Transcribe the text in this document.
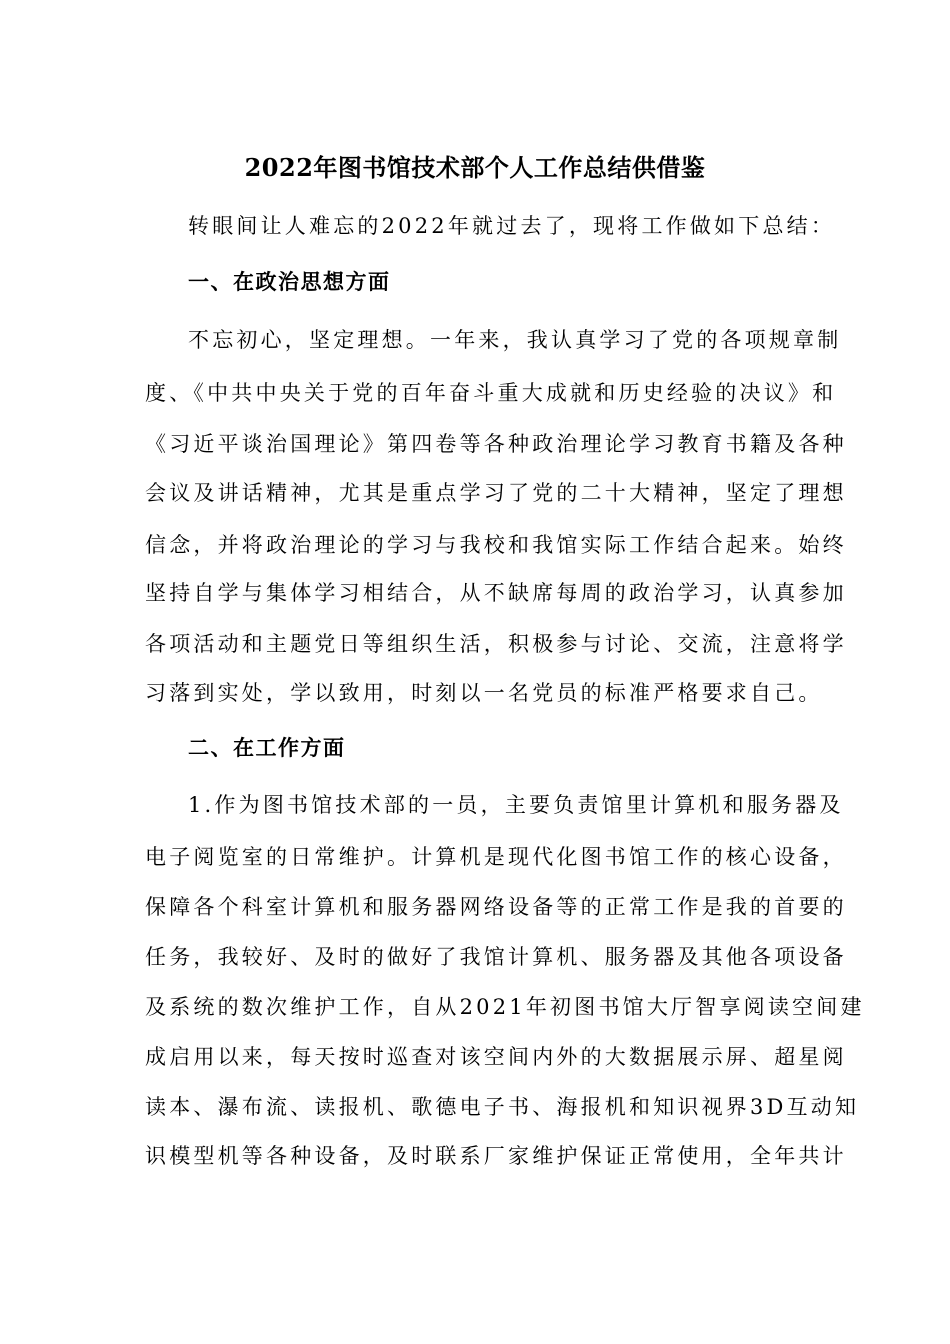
2022年图书馆技术部个人工作总结供借鉴

转眼间让人难忘的2022年就过去了，现将工作做如下总结：

一、在政治思想方面

不忘初心，坚定理想。一年来，我认真学习了党的各项规章制

度、《中共中央关于党的百年奋斗重大成就和历史经验的决议》和

《习近平谈治国理论》第四卷等各种政治理论学习教育书籍及各种

会议及讲话精神，尤其是重点学习了党的二十大精神，坚定了理想

信念，并将政治理论的学习与我校和我馆实际工作结合起来。始终

坚持自学与集体学习相结合，从不缺席每周的政治学习，认真参加

各项活动和主题党日等组织生活，积极参与讨论、交流，注意将学

习落到实处，学以致用，时刻以一名党员的标准严格要求自己。

二、在工作方面

1.作为图书馆技术部的一员，主要负责馆里计算机和服务器及

电子阅览室的日常维护。计算机是现代化图书馆工作的核心设备，

保障各个科室计算机和服务器网络设备等的正常工作是我的首要的

任务，我较好、及时的做好了我馆计算机、服务器及其他各项设备

及系统的数次维护工作，自从2021年初图书馆大厅智享阅读空间建

成启用以来，每天按时巡查对该空间内外的大数据展示屏、超星阅

读本、瀑布流、读报机、歌德电子书、海报机和知识视界3D互动知

识模型机等各种设备，及时联系厂家维护保证正常使用，全年共计
